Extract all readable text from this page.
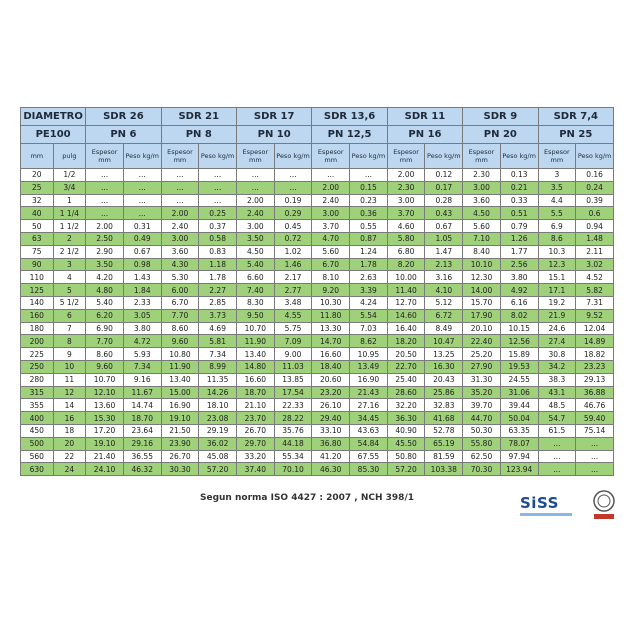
DIAMETRO		SDR 26		SDR 21		SDR 17		SDR 13,6		SDR 11		SDR 9		SDR 7,4	
PE100		PN 6		PN 8		PN 10		PN 12,5		PN 16		PN 20		PN 25	
mm	pulg	Espesor mm	Peso kg/m	Espesor mm	Peso kg/m	Espesor mm	Peso kg/m	Espesor mm	Peso kg/m	Espesor mm	Peso kg/m	Espesor mm	Peso kg/m	Espesor mm	Peso kg/m
20	1/2	...	...	...	...	...	...	...	...	2.00	0.12	2.30	0.13	3	0.16
25	3/4	...	...	...	...	...	...	2.00	0.15	2.30	0.17	3.00	0.21	3.5	0.24
32	1	...	...	...	...	2.00	0.19	2.40	0.23	3.00	0.28	3.60	0.33	4.4	0.39
40	1 1/4	...	...	2.00	0.25	2.40	0.29	3.00	0.36	3.70	0.43	4.50	0.51	5.5	0.6
50	1 1/2	2.00	0.31	2.40	0.37	3.00	0.45	3.70	0.55	4.60	0.67	5.60	0.79	6.9	0.94
63	2	2.50	0.49	3.00	0.58	3.50	0.72	4.70	0.87	5.80	1.05	7.10	1.26	8.6	1.48
75	2 1/2	2.90	0.67	3.60	0.83	4.50	1.02	5.60	1.24	6.80	1.47	8.40	1.77	10.3	2.11
90	3	3.50	0.98	4.30	1.18	5.40	1.46	6.70	1.78	8.20	2.13	10.10	2.56	12.3	3.02
110	4	4.20	1.43	5.30	1.78	6.60	2.17	8.10	2.63	10.00	3.16	12.30	3.80	15.1	4.52
125	5	4.80	1.84	6.00	2.27	7.40	2.77	9.20	3.39	11.40	4.10	14.00	4.92	17.1	5.82
140	5 1/2	5.40	2.33	6.70	2.85	8.30	3.48	10.30	4.24	12.70	5.12	15.70	6.16	19.2	7.31
160	6	6.20	3.05	7.70	3.73	9.50	4.55	11.80	5.54	14.60	6.72	17.90	8.02	21.9	9.52
180	7	6.90	3.80	8.60	4.69	10.70	5.75	13.30	7.03	16.40	8.49	20.10	10.15	24.6	12.04
200	8	7.70	4.72	9.60	5.81	11.90	7.09	14.70	8.62	18.20	10.47	22.40	12.56	27.4	14.89
225	9	8.60	5.93	10.80	7.34	13.40	9.00	16.60	10.95	20.50	13.25	25.20	15.89	30.8	18.82
250	10	9.60	7.34	11.90	8.99	14.80	11.03	18.40	13.49	22.70	16.30	27.90	19.53	34.2	23.23
280	11	10.70	9.16	13.40	11.35	16.60	13.85	20.60	16.90	25.40	20.43	31.30	24.55	38.3	29.13
315	12	12.10	11.67	15.00	14.26	18.70	17.54	23.20	21.43	28.60	25.86	35.20	31.06	43.1	36.88
355	14	13.60	14.74	16.90	18.10	21.10	22.33	26.10	27.16	32.20	32.83	39.70	39.44	48.5	46.76
400	16	15.30	18.70	19.10	23.08	23.70	28.22	29.40	34.45	36.30	41.68	44.70	50.04	54.7	59.40
450	18	17.20	23.64	21.50	29.19	26.70	35.76	33.10	43.63	40.90	52.78	50.30	63.35	61.5	75.14
500	20	19.10	29.16	23.90	36.02	29.70	44.18	36.80	54.84	45.50	65.19	55.80	78.07	...	...
560	22	21.40	36.55	26.70	45.08	33.20	55.34	41.20	67.55	50.80	81.59	62.50	97.94	...	...
630	24	24.10	46.32	30.30	57.20	37.40	70.10	46.30	85.30	57.20	103.38	70.30	123.94	...	...
Segun norma ISO 4427 : 2007 , NCH 398/1	SiSS
